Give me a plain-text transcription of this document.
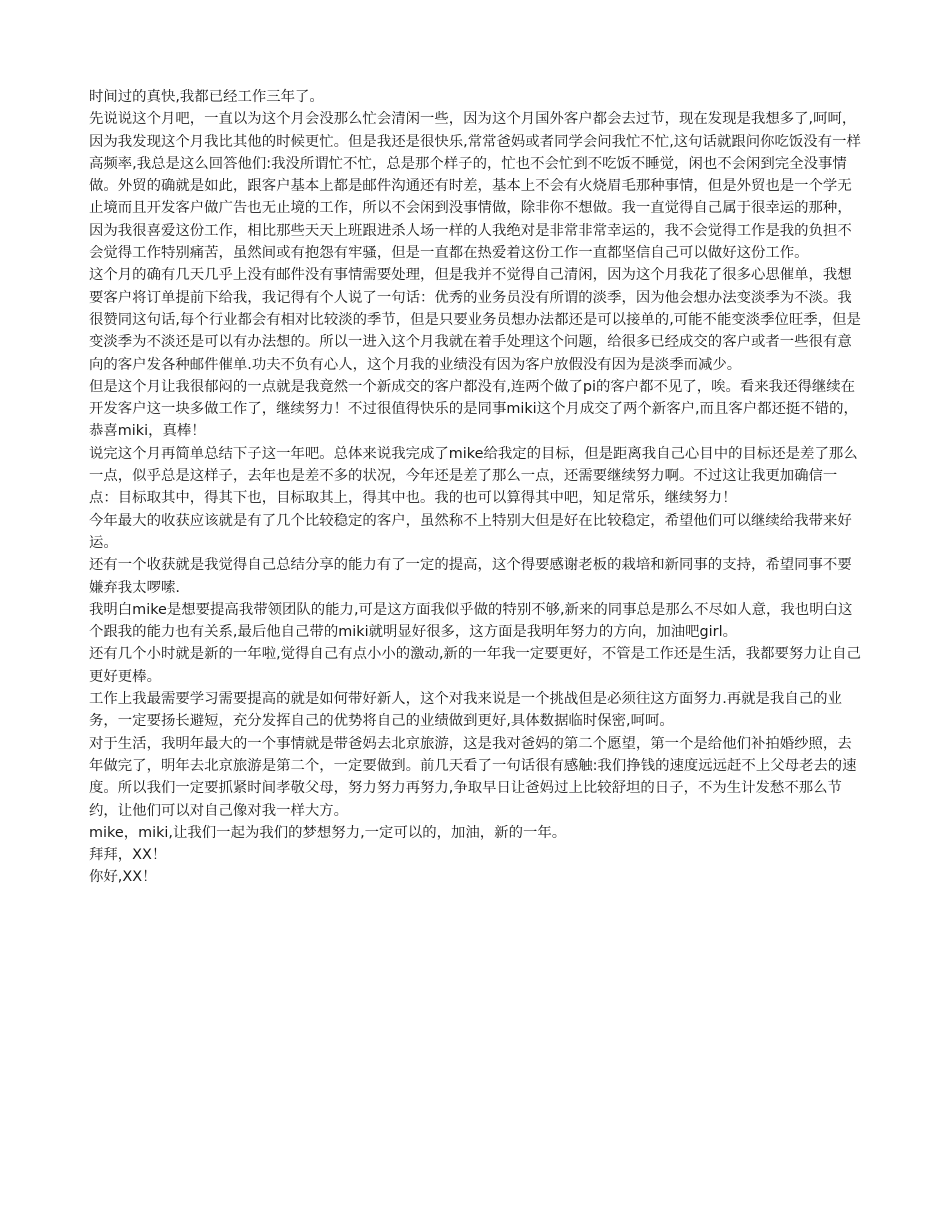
时间过的真快,我都已经工作三年了。

先说说这个月吧，一直以为这个月会没那么忙会清闲一些，因为这个月国外客户都会去过节，现在发现是我想多了,呵呵，因为我发现这个月我比其他的时候更忙。但是我还是很快乐,常常爸妈或者同学会问我忙不忙,这句话就跟问你吃饭没有一样高频率,我总是这么回答他们:我没所谓忙不忙，总是那个样子的，忙也不会忙到不吃饭不睡觉，闲也不会闲到完全没事情做。外贸的确就是如此，跟客户基本上都是邮件沟通还有时差，基本上不会有火烧眉毛那种事情，但是外贸也是一个学无止境而且开发客户做广告也无止境的工作，所以不会闲到没事情做，除非你不想做。我一直觉得自己属于很幸运的那种，因为我很喜爱这份工作，相比那些天天上班跟进杀人场一样的人我绝对是非常非常幸运的，我不会觉得工作是我的负担不会觉得工作特别痛苦，虽然间或有抱怨有牢骚，但是一直都在热爱着这份工作一直都坚信自己可以做好这份工作。

这个月的确有几天几乎上没有邮件没有事情需要处理，但是我并不觉得自己清闲，因为这个月我花了很多心思催单，我想要客户将订单提前下给我，我记得有个人说了一句话：优秀的业务员没有所谓的淡季，因为他会想办法变淡季为不淡。我很赞同这句话,每个行业都会有相对比较淡的季节，但是只要业务员想办法都还是可以接单的,可能不能变淡季位旺季，但是变淡季为不淡还是可以有办法想的。所以一进入这个月我就在着手处理这个问题，给很多已经成交的客户或者一些很有意向的客户发各种邮件催单.功夫不负有心人，这个月我的业绩没有因为客户放假没有因为是淡季而减少。

但是这个月让我很郁闷的一点就是我竟然一个新成交的客户都没有,连两个做了pi的客户都不见了，唉。看来我还得继续在开发客户这一块多做工作了，继续努力！不过很值得快乐的是同事miki这个月成交了两个新客户,而且客户都还挺不错的，恭喜miki，真棒！

说完这个月再简单总结下子这一年吧。总体来说我完成了mike给我定的目标，但是距离我自己心目中的目标还是差了那么一点，似乎总是这样子，去年也是差不多的状况，今年还是差了那么一点，还需要继续努力啊。不过这让我更加确信一点：目标取其中，得其下也，目标取其上，得其中也。我的也可以算得其中吧，知足常乐，继续努力！

今年最大的收获应该就是有了几个比较稳定的客户，虽然称不上特别大但是好在比较稳定，希望他们可以继续给我带来好运。

还有一个收获就是我觉得自己总结分享的能力有了一定的提高，这个得要感谢老板的栽培和新同事的支持，希望同事不要嫌弃我太啰嗦.

我明白mike是想要提高我带领团队的能力,可是这方面我似乎做的特别不够,新来的同事总是那么不尽如人意，我也明白这个跟我的能力也有关系,最后他自己带的miki就明显好很多，这方面是我明年努力的方向，加油吧girl。

还有几个小时就是新的一年啦,觉得自己有点小小的激动,新的一年我一定要更好，不管是工作还是生活，我都要努力让自己更好更棒。

工作上我最需要学习需要提高的就是如何带好新人，这个对我来说是一个挑战但是必须往这方面努力.再就是我自己的业务，一定要扬长避短，充分发挥自己的优势将自己的业绩做到更好,具体数据临时保密,呵呵。

对于生活，我明年最大的一个事情就是带爸妈去北京旅游，这是我对爸妈的第二个愿望，第一个是给他们补拍婚纱照，去年做完了，明年去北京旅游是第二个，一定要做到。前几天看了一句话很有感触:我们挣钱的速度远远赶不上父母老去的速度。所以我们一定要抓紧时间孝敬父母，努力努力再努力,争取早日让爸妈过上比较舒坦的日子，不为生计发愁不那么节约，让他们可以对自己像对我一样大方。

mike，miki,让我们一起为我们的梦想努力,一定可以的，加油，新的一年。

拜拜，XX！

你好,XX！
